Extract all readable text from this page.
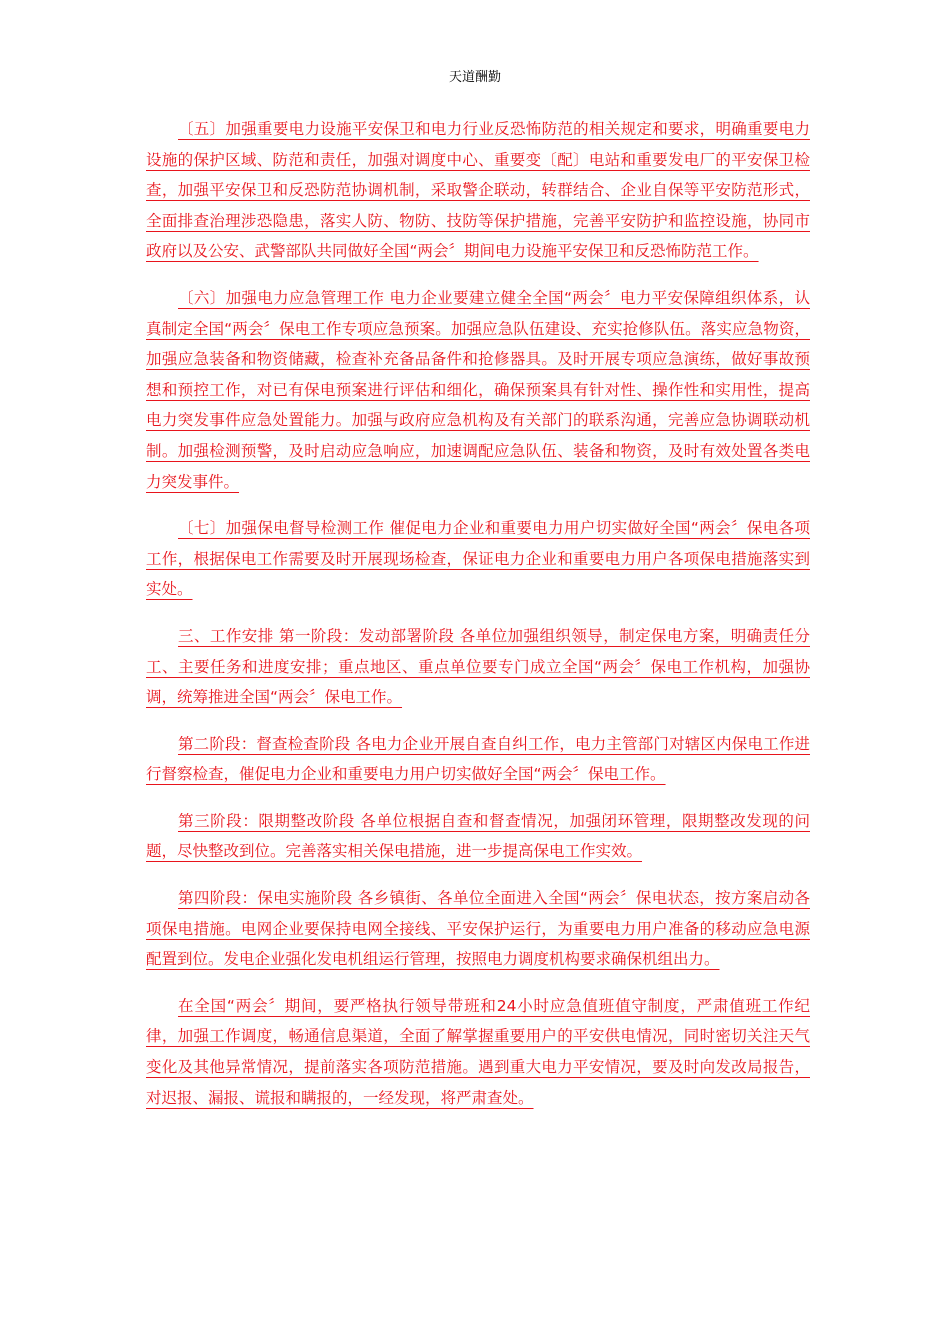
天道酬勤

〔五〕加强重要电力设施平安保卫和电力行业反恐怖防范的相关规定和要求，明确重要电力设施的保护区域、防范和责任，加强对调度中心、重要变〔配〕电站和重要发电厂的平安保卫检查，加强平安保卫和反恐防范协调机制，采取警企联动，转群结合、企业自保等平安防范形式，全面排查治理涉恐隐患，落实人防、物防、技防等保护措施，完善平安防护和监控设施，协同市政府以及公安、武警部队共同做好全国“两会〞期间电力设施平安保卫和反恐怖防范工作。

〔六〕加强电力应急管理工作 电力企业要建立健全全国“两会〞电力平安保障组织体系，认真制定全国“两会〞保电工作专项应急预案。加强应急队伍建设、充实抢修队伍。落实应急物资，加强应急装备和物资储藏，检查补充备品备件和抢修器具。及时开展专项应急演练，做好事故预想和预控工作，对已有保电预案进行评估和细化，确保预案具有针对性、操作性和实用性，提高电力突发事件应急处置能力。加强与政府应急机构及有关部门的联系沟通，完善应急协调联动机制。加强检测预警，及时启动应急响应，加速调配应急队伍、装备和物资，及时有效处置各类电力突发事件。

〔七〕加强保电督导检测工作 催促电力企业和重要电力用户切实做好全国“两会〞保电各项工作，根据保电工作需要及时开展现场检查，保证电力企业和重要电力用户各项保电措施落实到实处。

三、工作安排 第一阶段：发动部署阶段 各单位加强组织领导，制定保电方案，明确责任分工、主要任务和进度安排；重点地区、重点单位要专门成立全国“两会〞保电工作机构，加强协调，统筹推进全国“两会〞保电工作。

第二阶段：督查检查阶段 各电力企业开展自查自纠工作，电力主管部门对辖区内保电工作进行督察检查，催促电力企业和重要电力用户切实做好全国“两会〞保电工作。

第三阶段：限期整改阶段 各单位根据自查和督查情况，加强闭环管理，限期整改发现的问题，尽快整改到位。完善落实相关保电措施，进一步提高保电工作实效。

第四阶段：保电实施阶段 各乡镇街、各单位全面进入全国“两会〞保电状态，按方案启动各项保电措施。电网企业要保持电网全接线、平安保护运行，为重要电力用户准备的移动应急电源配置到位。发电企业强化发电机组运行管理，按照电力调度机构要求确保机组出力。

在全国“两会〞期间，要严格执行领导带班和24小时应急值班值守制度，严肃值班工作纪律，加强工作调度，畅通信息渠道，全面了解掌握重要用户的平安供电情况，同时密切关注天气变化及其他异常情况，提前落实各项防范措施。遇到重大电力平安情况，要及时向发改局报告，对迟报、漏报、谎报和瞒报的，一经发现，将严肃查处。
